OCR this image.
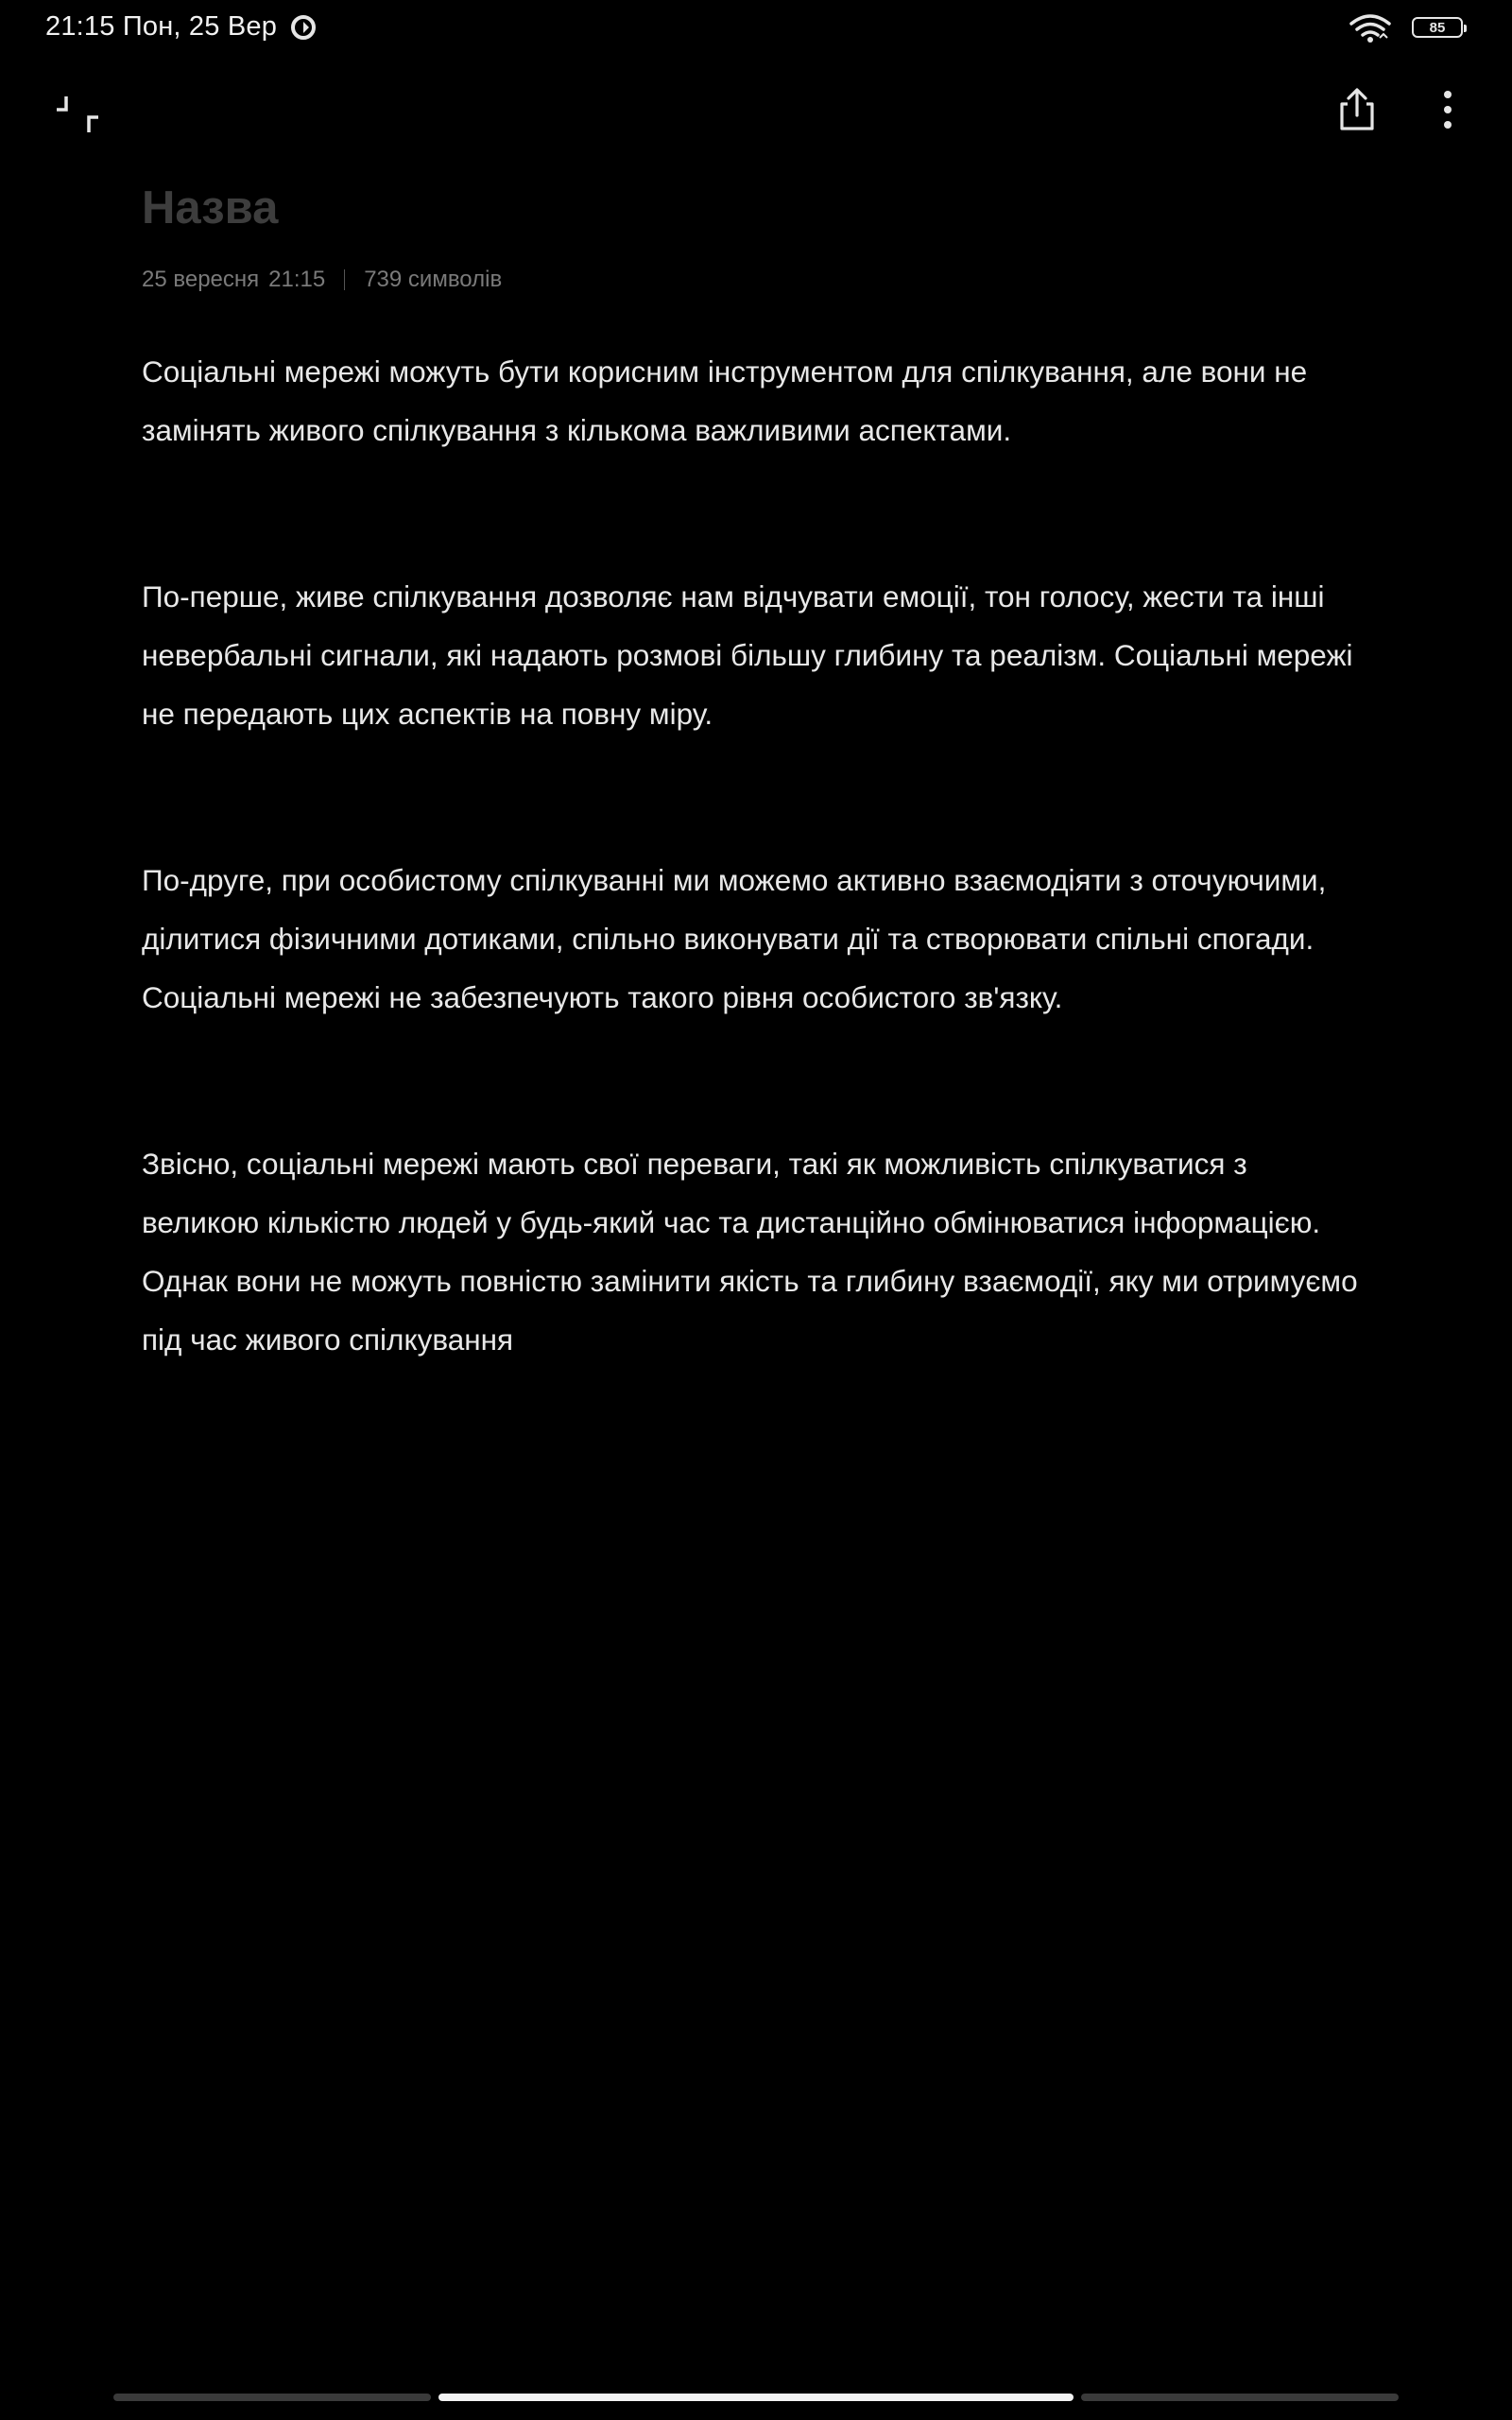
21:15 Пон, 25 Вер	85
Назва
25 вересня 21:15 739 символів

Соціальні мережі можуть бути корисним інструментом для спілкування, але вони не замінять живого спілкування з кількома важливими аспектами.

По-перше, живе спілкування дозволяє нам відчувати емоції, тон голосу, жести та інші невербальні сигнали, які надають розмові більшу глибину та реалізм. Соціальні мережі не передають цих аспектів на повну міру.

По-друге, при особистому спілкуванні ми можемо активно взаємодіяти з оточуючими, ділитися фізичними дотиками, спільно виконувати дії та створювати спільні спогади. Соціальні мережі не забезпечують такого рівня особистого зв'язку.

Звісно, соціальні мережі мають свої переваги, такі як можливість спілкуватися з великою кількістю людей у будь-який час та дистанційно обмінюватися інформацією. Однак вони не можуть повністю замінити якість та глибину взаємодії, яку ми отримуємо під час живого спілкування
